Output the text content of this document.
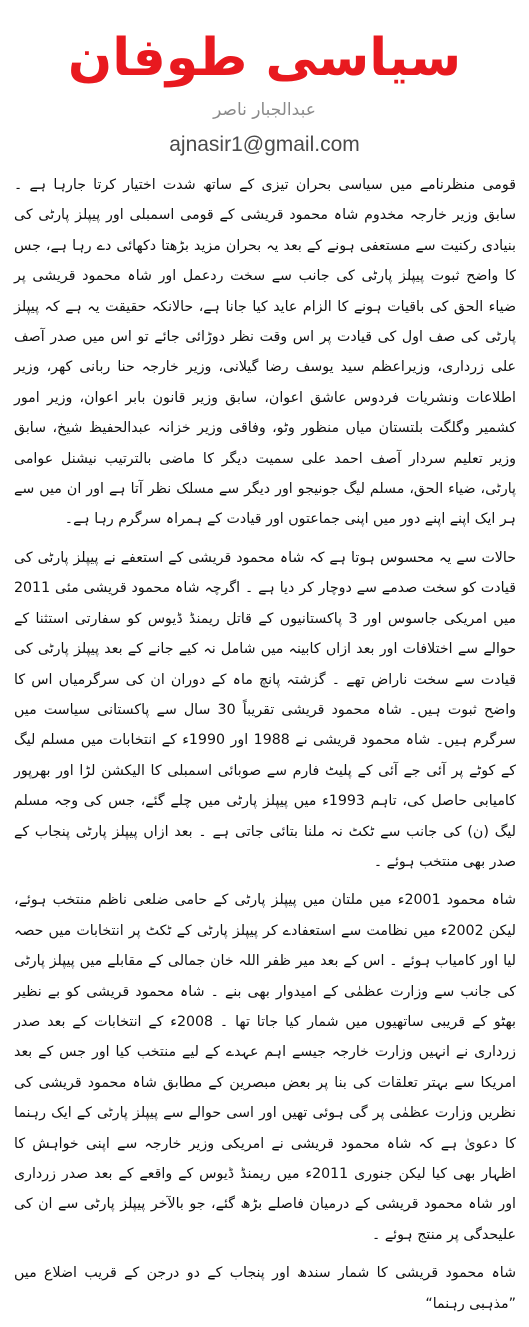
سیاسی طوفان
عبدالجبار ناصر
ajnasir1@gmail.com

قومی منظرنامے میں سیاسی بحران تیزی کے ساتھ شدت اختیار کرتا جارہا ہے ۔ سابق وزیر خارجہ مخدوم شاہ محمود قریشی کے قومی اسمبلی اور پیپلز پارٹی کی بنیادی رکنیت سے مستعفی ہونے کے بعد یہ بحران مزید بڑھتا دکھائی دے رہا ہے، جس کا واضح ثبوت پیپلز پارٹی کی جانب سے سخت ردعمل اور شاہ محمود قریشی پر ضیاء الحق کی باقیات ہونے کا الزام عاید کیا جانا ہے، حالانکہ حقیقت یہ ہے کہ پیپلز پارٹی کی صف اول کی قیادت پر اس وقت نظر دوڑائی جائے تو اس میں صدر آصف علی زرداری، وزیراعظم سید یوسف رضا گیلانی، وزیر خارجہ حنا ربانی کھر، وزیر اطلاعات ونشریات فردوس عاشق اعوان، سابق وزیر قانون بابر اعوان، وزیر امور کشمیر وگلگت بلتستان میاں منظور وٹو، وفاقی وزیر خزانہ عبدالحفیظ شیخ، سابق وزیر تعلیم سردار آصف احمد علی سمیت دیگر کا ماضی بالترتیب نیشنل عوامی پارٹی، ضیاء الحق، مسلم لیگ جونیجو اور دیگر سے مسلک نظر آتا ہے اور ان میں سے ہر ایک اپنے اپنے دور میں اپنی جماعتوں اور قیادت کے ہمراہ سرگرم رہا ہے۔

حالات سے یہ محسوس ہوتا ہے کہ شاہ محمود قریشی کے استعفے نے پیپلز پارٹی کی قیادت کو سخت صدمے سے دوچار کر دیا ہے ۔ اگرچہ شاہ محمود قریشی مئی 2011 میں امریکی جاسوس اور 3 پاکستانیوں کے قاتل ریمنڈ ڈیوس کو سفارتی استثنا کے حوالے سے اختلافات اور بعد ازاں کابینہ میں شامل نہ کیے جانے کے بعد پیپلز پارٹی کی قیادت سے سخت ناراض تھے ۔ گزشتہ پانچ ماہ کے دوران ان کی سرگرمیاں اس کا واضح ثبوت ہیں۔ شاہ محمود قریشی تقریباً 30 سال سے پاکستانی سیاست میں سرگرم ہیں۔ شاہ محمود قریشی نے 1988 اور 1990ء کے انتخابات میں مسلم لیگ کے کوٹے پر آئی جے آئی کے پلیٹ فارم سے صوبائی اسمبلی کا الیکشن لڑا اور بھرپور کامیابی حاصل کی، تاہم 1993ء میں پیپلز پارٹی میں چلے گئے، جس کی وجہ مسلم لیگ (ن) کی جانب سے ٹکٹ نہ ملنا بتائی جاتی ہے ۔ بعد ازاں پیپلز پارٹی پنجاب کے صدر بھی منتخب ہوئے ۔

شاہ محمود 2001ء میں ملتان میں پیپلز پارٹی کے حامی ضلعی ناظم منتخب ہوئے، لیکن 2002ء میں نظامت سے استعفادے کر پیپلز پارٹی کے ٹکٹ پر انتخابات میں حصہ لیا اور کامیاب ہوئے ۔ اس کے بعد میر ظفر اللہ خان جمالی کے مقابلے میں پیپلز پارٹی کی جانب سے وزارت عظمٰی کے امیدوار بھی بنے ۔ شاہ محمود قریشی کو بے نظیر بھٹو کے قریبی ساتھیوں میں شمار کیا جاتا تھا ۔ 2008ء کے انتخابات کے بعد صدر زرداری نے انہیں وزارت خارجہ جیسے اہم عہدے کے لیے منتخب کیا اور جس کے بعد امریکا سے بہتر تعلقات کی بنا پر بعض مبصرین کے مطابق شاہ محمود قریشی کی نظریں وزارت عظمٰی پر گی ہوئی تھیں اور اسی حوالے سے پیپلز پارٹی کے ایک رہنما کا دعویٰ ہے کہ شاہ محمود قریشی نے امریکی وزیر خارجہ سے اپنی خواہش کا اظہار بھی کیا لیکن جنوری 2011ء میں ریمنڈ ڈیوس کے واقعے کے بعد صدر زرداری اور شاہ محمود قریشی کے درمیان فاصلے بڑھ گئے، جو بالآخر پیپلز پارٹی سے ان کی علیحدگی پر منتج ہوئے ۔

شاہ محمود قریشی کا شمار سندھ اور پنجاب کے دو درجن کے قریب اضلاع میں ”مذہبی رہنما“
